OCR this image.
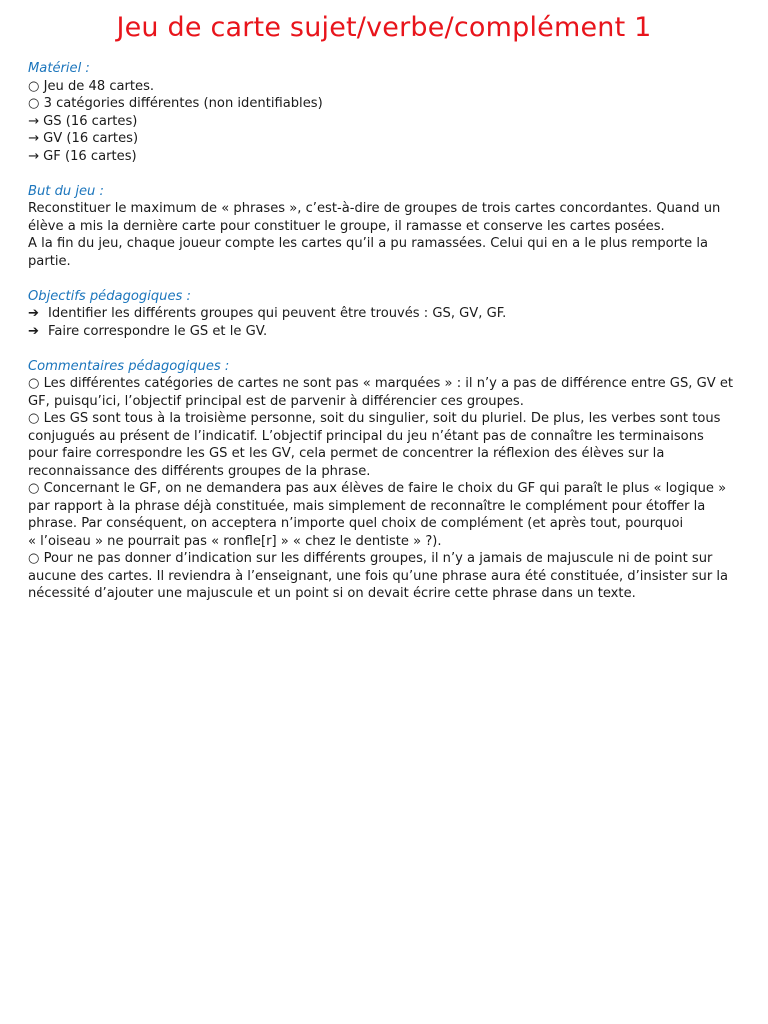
Jeu de carte sujet/verbe/complément 1

Matériel :

○ Jeu de 48 cartes.

○ 3 catégories différentes (non identifiables)

→ GS (16 cartes)

→ GV (16 cartes)

→ GF (16 cartes)

But du jeu :

Reconstituer le maximum de « phrases », c’est-à-dire de groupes de trois cartes concordantes. Quand un

élève a mis la dernière carte pour constituer le groupe, il ramasse et conserve les cartes posées.

A la fin du jeu, chaque joueur compte les cartes qu’il a pu ramassées. Celui qui en a le plus remporte la

partie.

Objectifs pédagogiques :

➔ Identifier les différents groupes qui peuvent être trouvés : GS, GV, GF.

➔ Faire correspondre le GS et le GV.

Commentaires pédagogiques :

○ Les différentes catégories de cartes ne sont pas « marquées » : il n’y a pas de différence entre GS, GV et

GF, puisqu’ici, l’objectif principal est de parvenir à différencier ces groupes.

○ Les GS sont tous à la troisième personne, soit du singulier, soit du pluriel. De plus, les verbes sont tous

conjugués au présent de l’indicatif. L’objectif principal du jeu n’étant pas de connaître les terminaisons

pour faire correspondre les GS et les GV, cela permet de concentrer la réflexion des élèves sur la

reconnaissance des différents groupes de la phrase.

○ Concernant le GF, on ne demandera pas aux élèves de faire le choix du GF qui paraît le plus « logique »

par rapport à la phrase déjà constituée, mais simplement de reconnaître le complément pour étoffer la

phrase. Par conséquent, on acceptera n’importe quel choix de complément (et après tout, pourquoi

« l’oiseau » ne pourrait pas « ronfle[r] » « chez le dentiste » ?).

○ Pour ne pas donner d’indication sur les différents groupes, il n’y a jamais de majuscule ni de point sur

aucune des cartes. Il reviendra à l’enseignant, une fois qu’une phrase aura été constituée, d’insister sur la

nécessité d’ajouter une majuscule et un point si on devait écrire cette phrase dans un texte.
